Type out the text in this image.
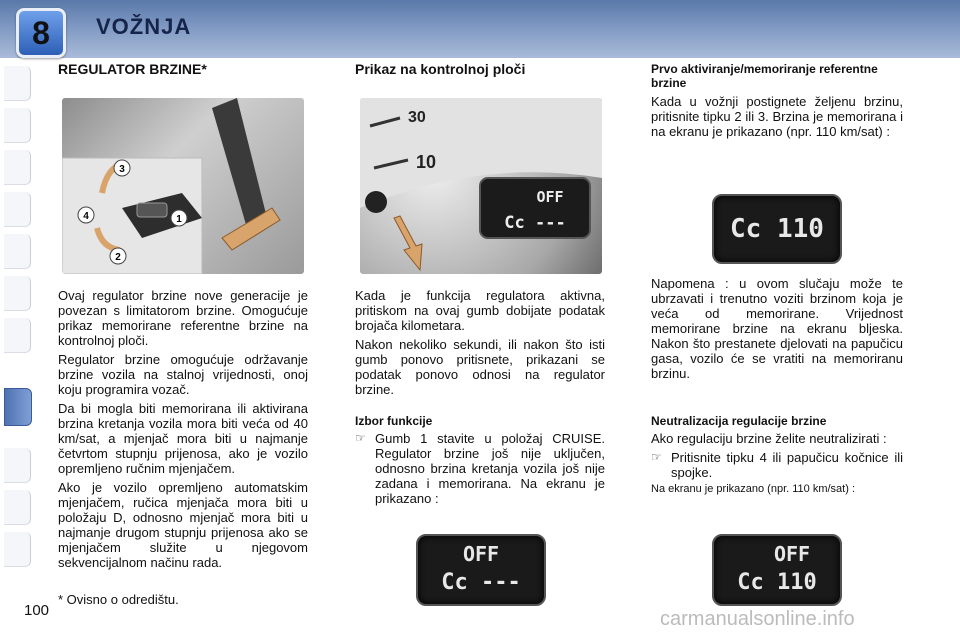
8	VOŽNJA
REGULATOR BRZINE*
3
4	1
2

Ovaj regulator brzine nove generacije je povezan s limitatorom brzine. Omogućuje prikaz memorirane referentne brzine na kontrolnoj ploči.

Regulator brzine omogućuje održavanje brzine vozila na stalnoj vrijednosti, onoj koju programira vozač.

Da bi mogla biti memorirana ili aktivirana brzina kretanja vozila mora biti veća od 40 km/sat, a mjenjač mora biti u najmanje četvrtom stupnju prijenosa, ako je vozilo opremljeno ručnim mjenjačem.

Ako je vozilo opremljeno automatskim mjenjačem, ručica mjenjača mora biti u položaju D, odnosno mjenjač mora biti u najmanje drugom stupnju prijenosa ako se mjenjačem služite u njegovom sekvencijalnom načinu rada.

* Ovisno o odredištu.
100
Prikaz na kontrolnoj ploči
30
10
OFF
Cc ---

Kada je funkcija regulatora aktivna, pritiskom na ovaj gumb dobijate podatak brojača kilometara.

Nakon nekoliko sekundi, ili nakon što isti gumb ponovo pritisnete, prikazani se podatak ponovo odnosi na regulator brzine.

Izbor funkcije
☞ Gumb 1 stavite u položaj CRUISE. Regulator brzine još nije uključen, odnosno brzina kretanja vozila još nije zadana i memorirana. Na ekranu je prikazano :
OFF
Cc ---
Prvo aktiviranje/memoriranje referentne brzine

Kada u vožnji postignete željenu brzinu, pritisnite tipku 2 ili 3. Brzina je memorirana i na ekranu je prikazano (npr. 110 km/sat) :

Cc 110

Napomena : u ovom slučaju može te ubrzavati i trenutno voziti brzinom koja je veća od memorirane. Vrijednost memorirane brzine na ekranu bljeska. Nakon što prestanete djelovati na papučicu gasa, vozilo će se vratiti na memoriranu brzinu.

Neutralizacija regulacije brzine

Ako regulaciju brzine želite neutralizirati :

☞ Pritisnite tipku 4 ili papučicu kočnice ili spojke.

Na ekranu je prikazano (npr. 110 km/sat) :

OFF
Cc 110
carmanualsonline.info
